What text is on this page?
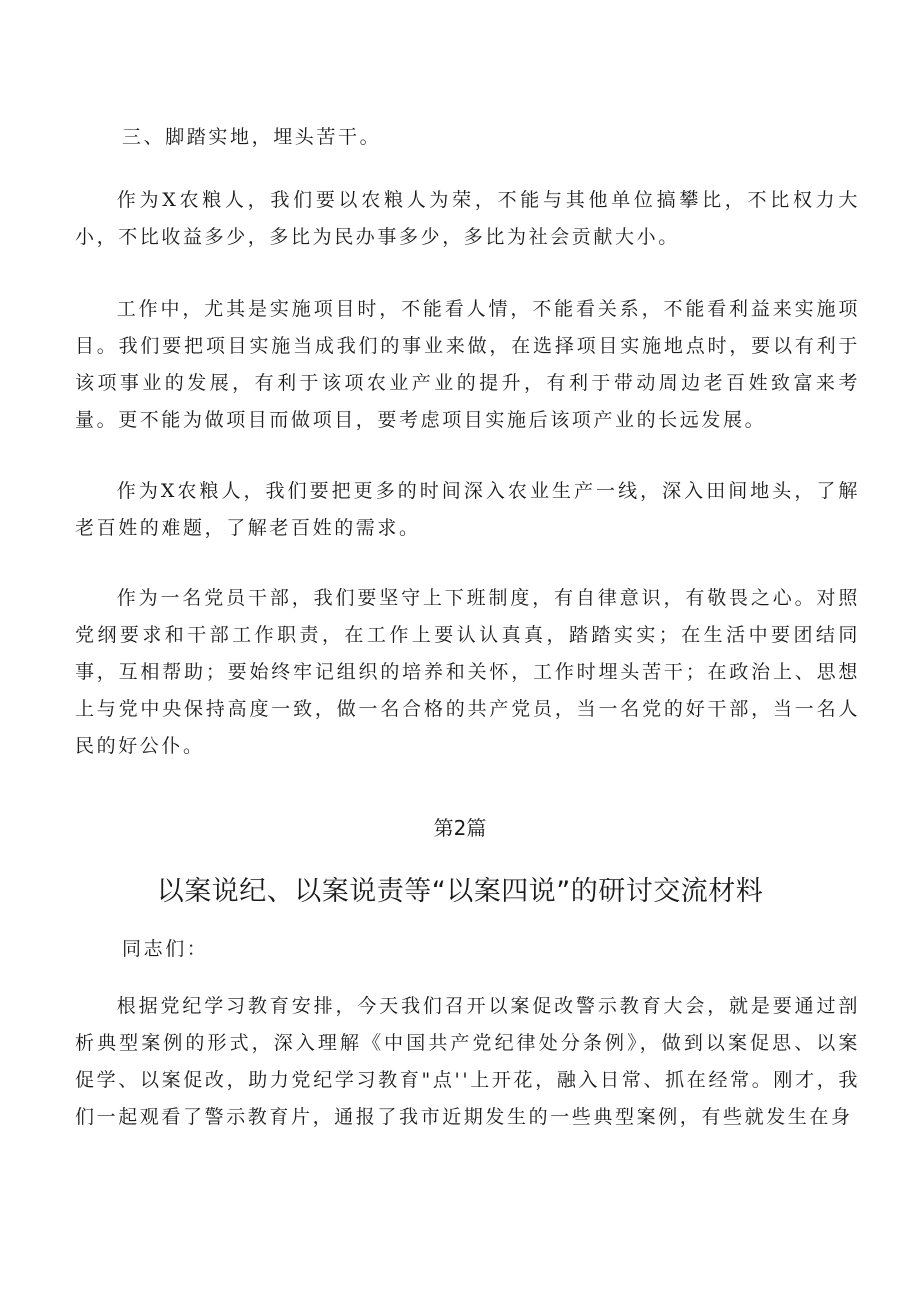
三、脚踏实地，埋头苦干。

作为X农粮人，我们要以农粮人为荣，不能与其他单位搞攀比，不比权力大小，不比收益多少，多比为民办事多少，多比为社会贡献大小。

工作中，尤其是实施项目时，不能看人情，不能看关系，不能看利益来实施项目。我们要把项目实施当成我们的事业来做，在选择项目实施地点时，要以有利于该项事业的发展，有利于该项农业产业的提升，有利于带动周边老百姓致富来考量。更不能为做项目而做项目，要考虑项目实施后该项产业的长远发展。

作为X农粮人，我们要把更多的时间深入农业生产一线，深入田间地头，了解老百姓的难题，了解老百姓的需求。

作为一名党员干部，我们要坚守上下班制度，有自律意识，有敬畏之心。对照党纲要求和干部工作职责，在工作上要认认真真，踏踏实实；在生活中要团结同事，互相帮助；要始终牢记组织的培养和关怀，工作时埋头苦干；在政治上、思想上与党中央保持高度一致，做一名合格的共产党员，当一名党的好干部，当一名人民的好公仆。

第2篇

以案说纪、以案说责等“以案四说”的研讨交流材料

同志们：

根据党纪学习教育安排，今天我们召开以案促改警示教育大会，就是要通过剖析典型案例的形式，深入理解《中国共产党纪律处分条例》，做到以案促思、以案促学、以案促改，助力党纪学习教育"点''上开花，融入日常、抓在经常。刚才，我们一起观看了警示教育片，通报了我市近期发生的一些典型案例，有些就发生在身
